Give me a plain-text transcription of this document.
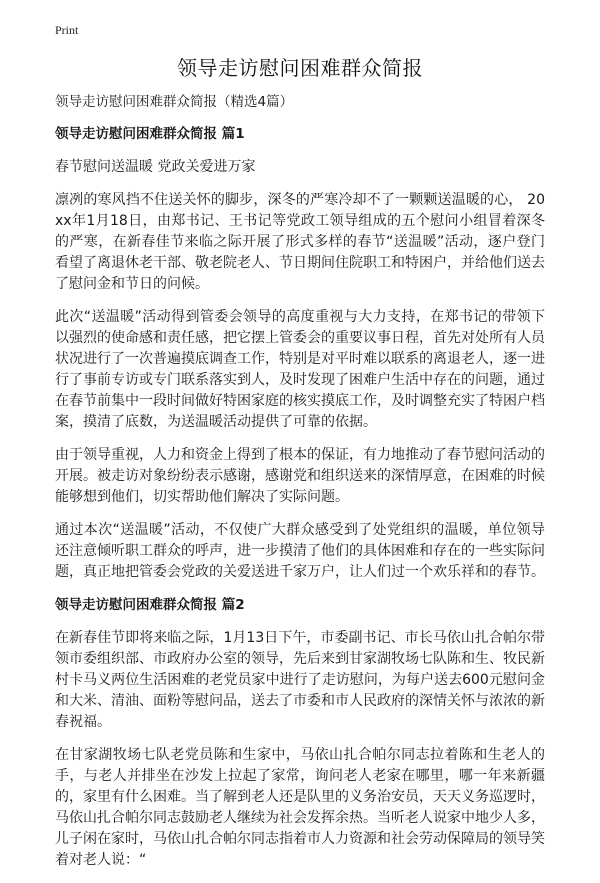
Print
领导走访慰问困难群众简报

领导走访慰问困难群众简报（精选4篇）

领导走访慰问困难群众简报 篇1

春节慰问送温暖 党政关爱进万家

凛冽的寒风挡不住送关怀的脚步，深冬的严寒冷却不了一颗颗送温暖的心， 20xx年1月18日，由郑书记、王书记等党政工领导组成的五个慰问小组冒着深冬的严寒，在新春佳节来临之际开展了形式多样的春节“送温暖”活动，逐户登门看望了离退休老干部、敬老院老人、节日期间住院职工和特困户，并给他们送去了慰问金和节日的问候。

此次“送温暖”活动得到管委会领导的高度重视与大力支持，在郑书记的带领下以强烈的使命感和责任感，把它摆上管委会的重要议事日程，首先对处所有人员状况进行了一次普遍摸底调查工作，特别是对平时难以联系的离退老人，逐一进行了事前专访或专门联系落实到人，及时发现了困难户生活中存在的问题，通过在春节前集中一段时间做好特困家庭的核实摸底工作，及时调整充实了特困户档案，摸清了底数，为送温暖活动提供了可靠的依据。

由于领导重视，人力和资金上得到了根本的保证，有力地推动了春节慰问活动的开展。被走访对象纷纷表示感谢，感谢党和组织送来的深情厚意，在困难的时候能够想到他们，切实帮助他们解决了实际问题。

通过本次“送温暖”活动，不仅使广大群众感受到了处党组织的温暖，单位领导还注意倾听职工群众的呼声，进一步摸清了他们的具体困难和存在的一些实际问题，真正地把管委会党政的关爱送进千家万户，让人们过一个欢乐祥和的春节。

领导走访慰问困难群众简报 篇2

在新春佳节即将来临之际，1月13日下午，市委副书记、市长马依山扎合帕尔带领市委组织部、市政府办公室的领导，先后来到甘家湖牧场七队陈和生、牧民新村卡马义两位生活困难的老党员家中进行了走访慰问，为每户送去600元慰问金和大米、清油、面粉等慰问品，送去了市委和市人民政府的深情关怀与浓浓的新春祝福。

在甘家湖牧场七队老党员陈和生家中，马依山扎合帕尔同志拉着陈和生老人的手，与老人并排坐在沙发上拉起了家常，询问老人老家在哪里，哪一年来新疆的，家里有什么困难。当了解到老人还是队里的义务治安员，天天义务巡逻时，马依山扎合帕尔同志鼓励老人继续为社会发挥余热。当听老人说家中地少人多，儿子闲在家时，马依山扎合帕尔同志指着市人力资源和社会劳动保障局的领导笑着对老人说：“
